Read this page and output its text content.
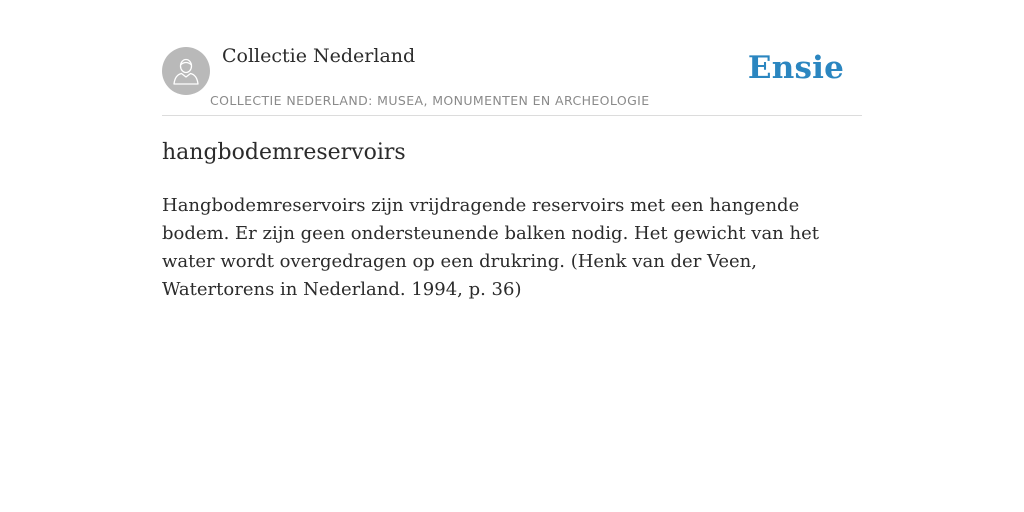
Collectie Nederland
COLLECTIE NEDERLAND: MUSEA, MONUMENTEN EN ARCHEOLOGIE
Ensie
hangbodemreservoirs

Hangbodemreservoirs zijn vrijdragende reservoirs met een hangende bodem. Er zijn geen ondersteunende balken nodig. Het gewicht van het water wordt overgedragen op een drukring. (Henk van der Veen, Watertorens in Nederland. 1994, p. 36)
